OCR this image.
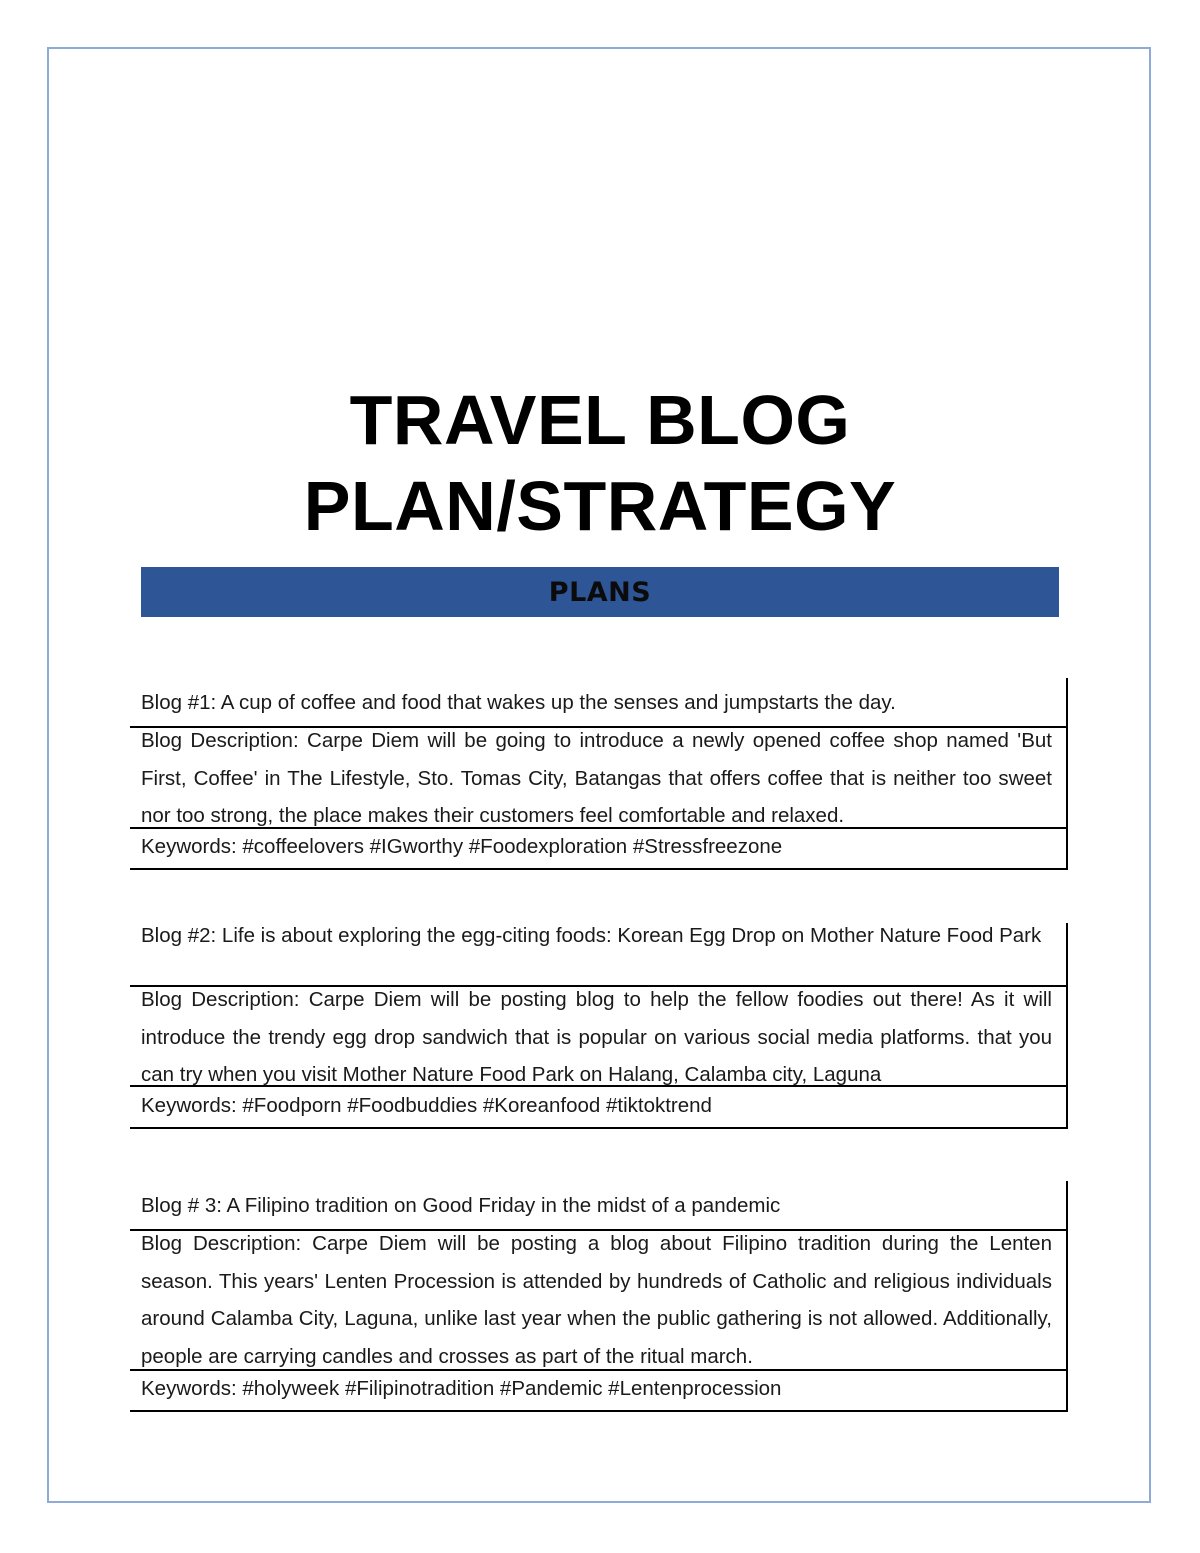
TRAVEL BLOG
PLAN/STRATEGY
PLANS
Blog #1: A cup of coffee and food that wakes up the senses and jumpstarts the day.
Blog Description: Carpe Diem will be going to introduce a newly opened coffee shop named 'But First, Coffee' in The Lifestyle, Sto. Tomas City, Batangas that offers coffee that is neither too sweet nor too strong, the place makes their customers feel comfortable and relaxed.
Keywords: #coffeelovers #IGworthy #Foodexploration #Stressfreezone
Blog #2: Life is about exploring the egg-citing foods: Korean Egg Drop on Mother Nature Food Park
Blog Description: Carpe Diem will be posting blog to help the fellow foodies out there! As it will introduce the trendy egg drop sandwich that is popular on various social media platforms. that you can try when you visit Mother Nature Food Park on Halang, Calamba city, Laguna
Keywords: #Foodporn #Foodbuddies #Koreanfood #tiktoktrend
Blog # 3: A Filipino tradition on Good Friday in the midst of a pandemic
Blog Description: Carpe Diem will be posting a blog about Filipino tradition during the Lenten season. This years' Lenten Procession is attended by hundreds of Catholic and religious individuals around Calamba City, Laguna, unlike last year when the public gathering is not allowed. Additionally, people are carrying candles and crosses as part of the ritual march.
Keywords: #holyweek #Filipinotradition #Pandemic #Lentenprocession
